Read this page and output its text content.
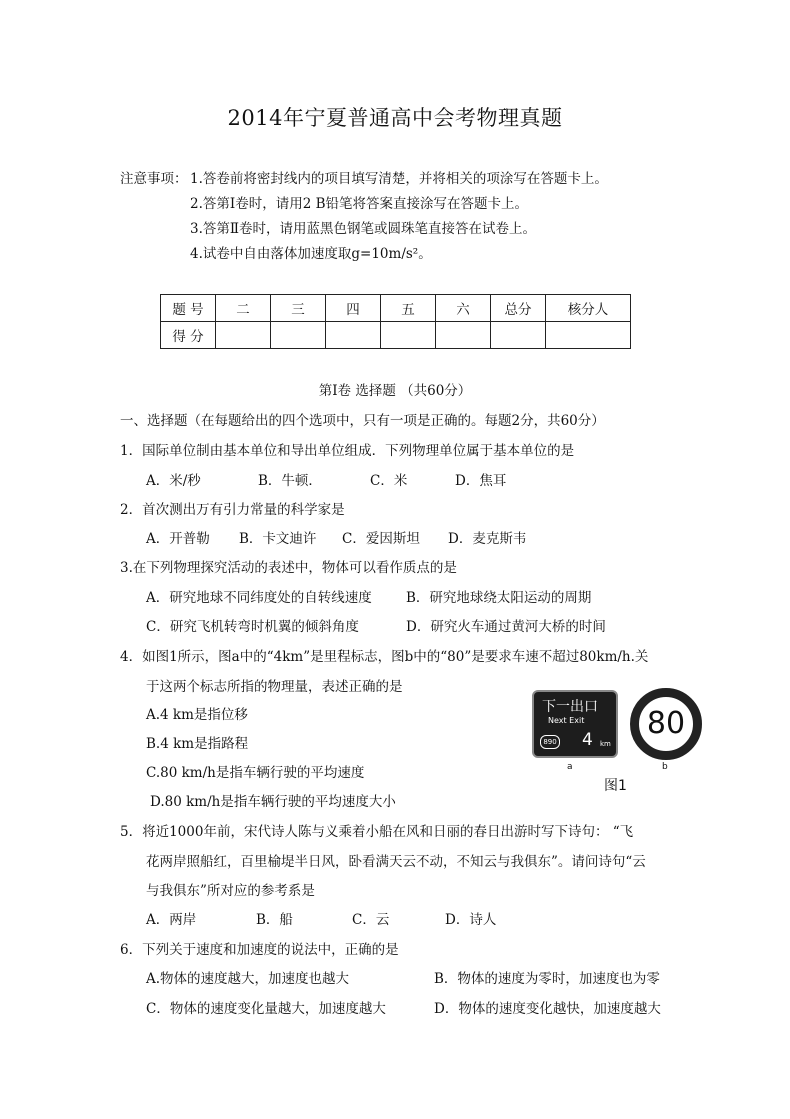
2014年宁夏普通高中会考物理真题
注意事项： 1.答卷前将密封线内的项目填写清楚，并将相关的项涂写在答题卡上。
2.答第Ⅰ卷时，请用2 B铅笔将答案直接涂写在答题卡上。
3.答第Ⅱ卷时，请用蓝黑色钢笔或圆珠笔直接答在试卷上。
4.试卷中自由落体加速度取g=10m/s²。
题 号	二	三	四	五	六	总分	核分人
得 分							
第Ⅰ卷 选择题 （共60分）
一、选择题（在每题给出的四个选项中，只有一项是正确的。每题2分，共60分）
1．国际单位制由基本单位和导出单位组成．下列物理单位属于基本单位的是
A．米/秒	B．牛顿．	C．米	D．焦耳
2．首次测出万有引力常量的科学家是
A．开普勒 B．卡文迪许 C．爱因斯坦 D．麦克斯韦
3.在下列物理探究活动的表述中，物体可以看作质点的是
A．研究地球不同纬度处的自转线速度	B．研究地球绕太阳运动的周期
C．研究飞机转弯时机翼的倾斜角度	D．研究火车通过黄河大桥的时间
4．如图1所示，图a中的“4km”是里程标志，图b中的“80”是要求车速不超过80km/h.关
于这两个标志所指的物理量，表述正确的是
A.4 km是指位移
B.4 km是指路程
C.80 km/h是指车辆行驶的平均速度
D.80 km/h是指车辆行驶的平均速度大小
下一出口
Next Exit
890 4 km
a
80
b
图1
5．将近1000年前，宋代诗人陈与义乘着小船在风和日丽的春日出游时写下诗句： “飞
花两岸照船红，百里榆堤半日风，卧看满天云不动，不知云与我俱东”。请问诗句“云
与我俱东”所对应的参考系是
A．两岸	B．船	C．云	D．诗人
6．下列关于速度和加速度的说法中，正确的是
A.物体的速度越大，加速度也越大	B．物体的速度为零时，加速度也为零
C．物体的速度变化量越大，加速度越大	D．物体的速度变化越快，加速度越大
